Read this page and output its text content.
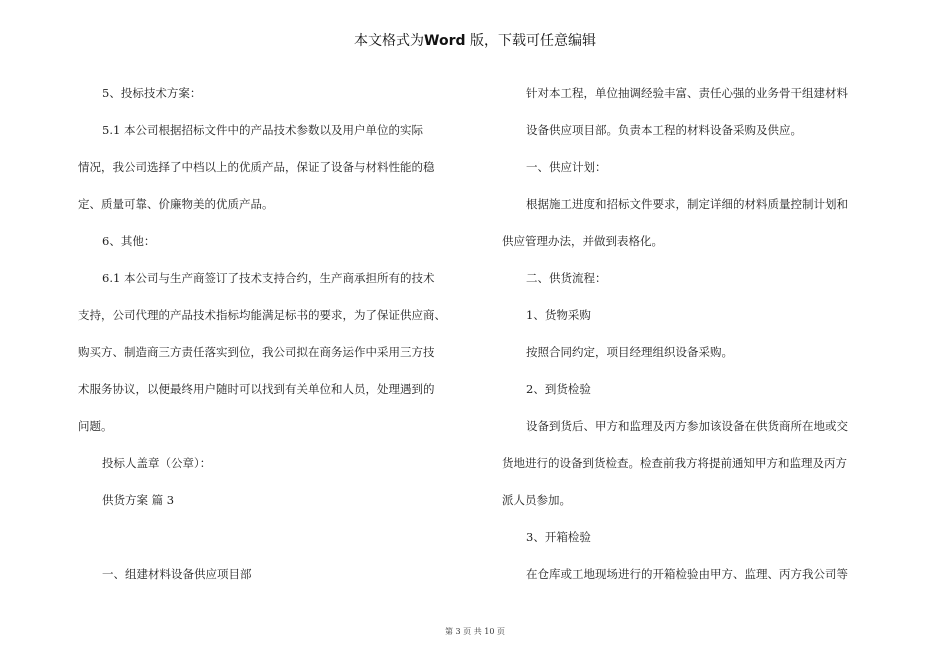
本文格式为Word 版，下载可任意编辑

5、投标技术方案：

5.1 本公司根据招标文件中的产品技术参数以及用户单位的实际

情况，我公司选择了中档以上的优质产品，保证了设备与材料性能的稳

定、质量可靠、价廉物美的优质产品。

6、其他：

6.1 本公司与生产商签订了技术支持合约，生产商承担所有的技术

支持，公司代理的产品技术指标均能满足标书的要求，为了保证供应商、

购买方、制造商三方责任落实到位，我公司拟在商务运作中采用三方技

术服务协议，以便最终用户随时可以找到有关单位和人员，处理遇到的

问题。

投标人盖章（公章）：

供货方案 篇 3

一、组建材料设备供应项目部

针对本工程，单位抽调经验丰富、责任心强的业务骨干组建材料

设备供应项目部。负责本工程的材料设备采购及供应。

一、供应计划：

根据施工进度和招标文件要求，制定详细的材料质量控制计划和

供应管理办法，并做到表格化。

二、供货流程：

1、货物采购

按照合同约定，项目经理组织设备采购。

2、到货检验

设备到货后、甲方和监理及丙方参加该设备在供货商所在地或交

货地进行的设备到货检查。检查前我方将提前通知甲方和监理及丙方

派人员参加。

3、开箱检验

在仓库或工地现场进行的开箱检验由甲方、监理、丙方我公司等

第 3 页 共 10 页
